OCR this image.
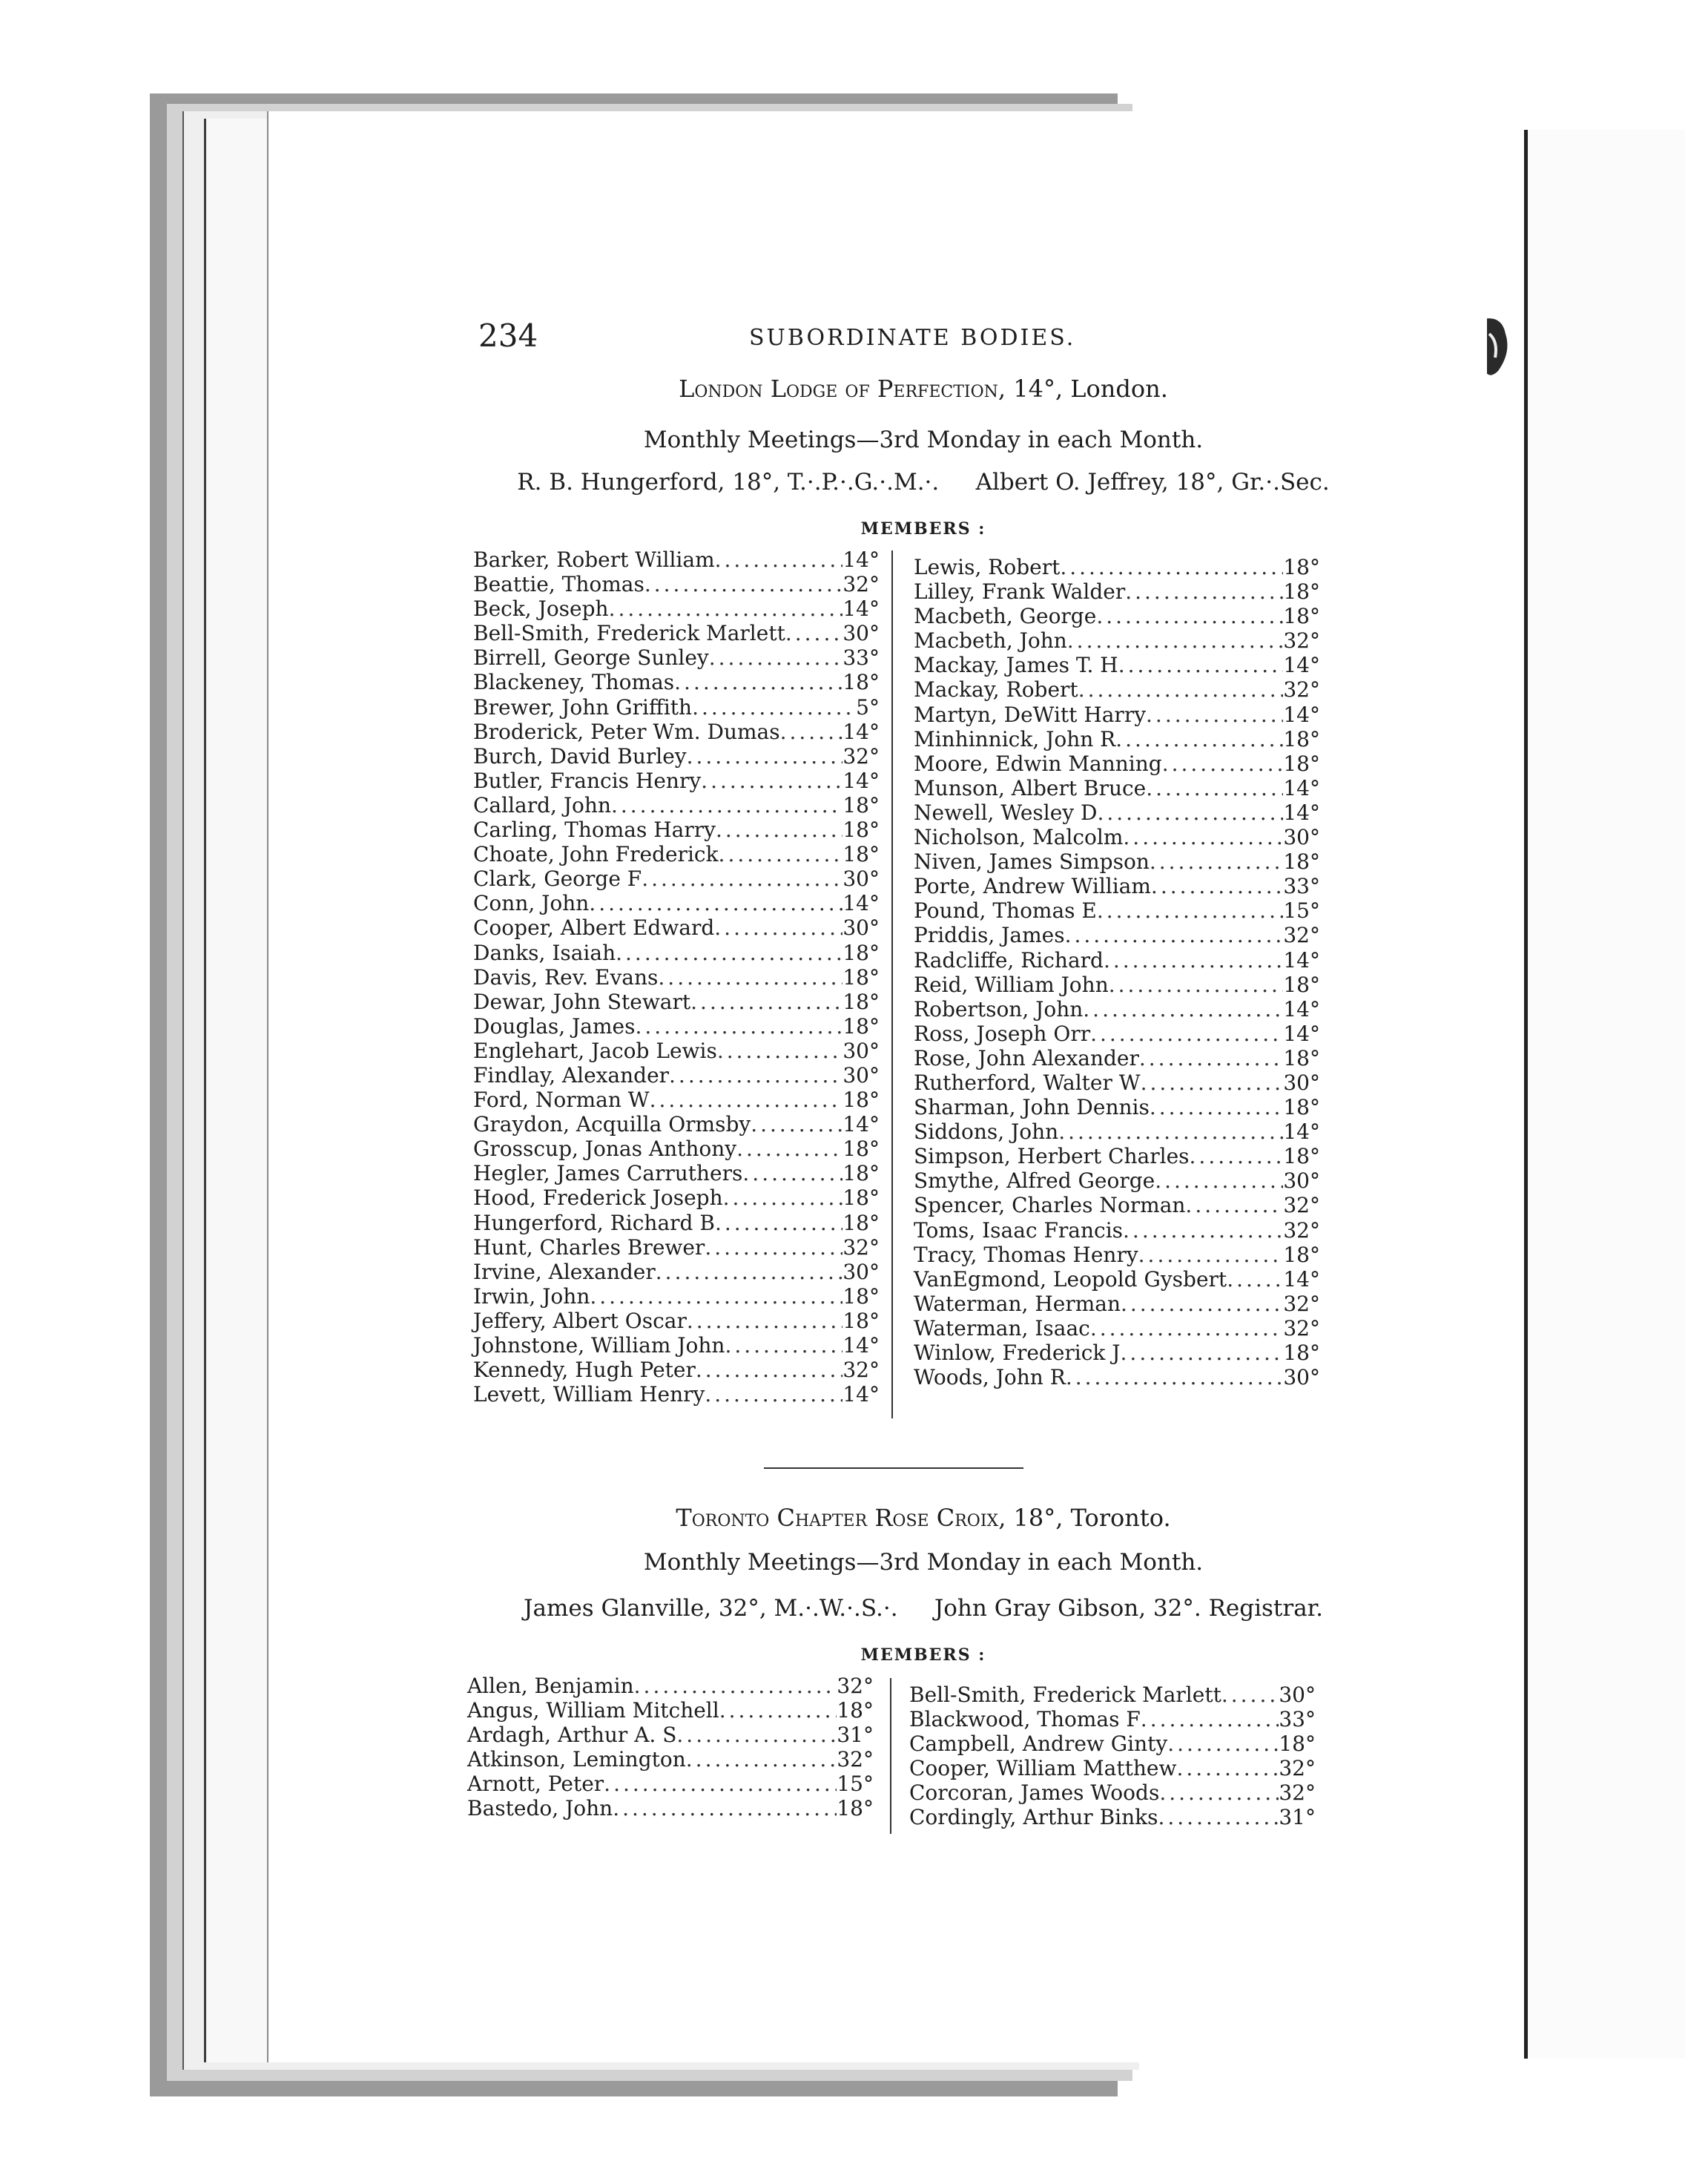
234	SUBORDINATE BODIES.
London Lodge of Perfection, 14°, London.
Monthly Meetings—3rd Monday in each Month.
R. B. Hungerford, 18°, T.·.P.·.G.·.M.·. Albert O. Jeffrey, 18°, Gr.·.Sec.
MEMBERS :
Barker, Robert William .....	14°
Beattie, Thomas .....	32°
Beck, Joseph .....	14°
Bell-Smith, Frederick Marlett .....	30°
Birrell, George Sunley .....	33°
Blackeney, Thomas .....	18°
Brewer, John Griffith .....	5°
Broderick, Peter Wm. Dumas .....	14°
Burch, David Burley .....	32°
Butler, Francis Henry .....	14°
Callard, John .....	18°
Carling, Thomas Harry .....	18°
Choate, John Frederick .....	18°
Clark, George F .....	30°
Conn, John .....	14°
Cooper, Albert Edward .....	30°
Danks, Isaiah .....	18°
Davis, Rev. Evans .....	18°
Dewar, John Stewart .....	18°
Douglas, James .....	18°
Englehart, Jacob Lewis .....	30°
Findlay, Alexander .....	30°
Ford, Norman W .....	18°
Graydon, Acquilla Ormsby .....	14°
Grosscup, Jonas Anthony .....	18°
Hegler, James Carruthers .....	18°
Hood, Frederick Joseph .....	18°
Hungerford, Richard B .....	18°
Hunt, Charles Brewer .....	32°
Irvine, Alexander .....	30°
Irwin, John .....	18°
Jeffery, Albert Oscar .....	18°
Johnstone, William John .....	14°
Kennedy, Hugh Peter .....	32°
Levett, William Henry .....	14°
Lewis, Robert .....	18°
Lilley, Frank Walder .....	18°
Macbeth, George .....	18°
Macbeth, John .....	32°
Mackay, James T. H .....	14°
Mackay, Robert .....	32°
Martyn, DeWitt Harry .....	14°
Minhinnick, John R .....	18°
Moore, Edwin Manning .....	18°
Munson, Albert Bruce .....	14°
Newell, Wesley D .....	14°
Nicholson, Malcolm .....	30°
Niven, James Simpson .....	18°
Porte, Andrew William .....	33°
Pound, Thomas E .....	15°
Priddis, James .....	32°
Radcliffe, Richard .....	14°
Reid, William John .....	18°
Robertson, John .....	14°
Ross, Joseph Orr .....	14°
Rose, John Alexander .....	18°
Rutherford, Walter W .....	30°
Sharman, John Dennis .....	18°
Siddons, John .....	14°
Simpson, Herbert Charles .....	18°
Smythe, Alfred George .....	30°
Spencer, Charles Norman .....	32°
Toms, Isaac Francis .....	32°
Tracy, Thomas Henry .....	18°
VanEgmond, Leopold Gysbert .....	14°
Waterman, Herman .....	32°
Waterman, Isaac .....	32°
Winlow, Frederick J .....	18°
Woods, John R .....	30°
Toronto Chapter Rose Croix, 18°, Toronto.
Monthly Meetings—3rd Monday in each Month.
James Glanville, 32°, M.·.W.·.S.·. John Gray Gibson, 32°. Registrar.
MEMBERS :
Allen, Benjamin .....	32°
Angus, William Mitchell .....	18°
Ardagh, Arthur A. S .....	31°
Atkinson, Lemington .....	32°
Arnott, Peter .....	15°
Bastedo, John .....	18°
Bell-Smith, Frederick Marlett .....	30°
Blackwood, Thomas F .....	33°
Campbell, Andrew Ginty .....	18°
Cooper, William Matthew .....	32°
Corcoran, James Woods .....	32°
Cordingly, Arthur Binks .....	31°
